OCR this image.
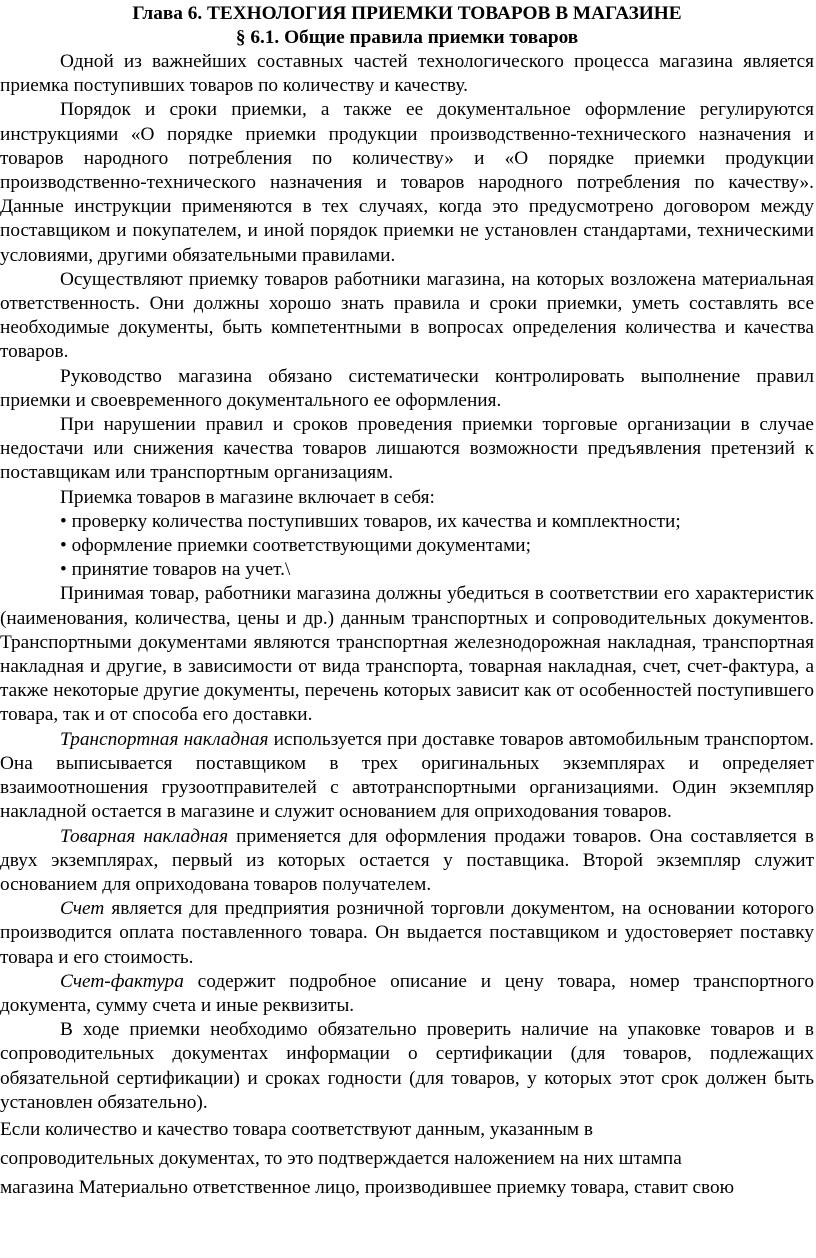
Глава 6. ТЕХНОЛОГИЯ ПРИЕМКИ ТОВАРОВ В МАГАЗИНЕ

§ 6.1. Общие правила приемки товаров

Одной из важнейших составных частей технологического процесса магазина является приемка поступивших товаров по количеству и качеству.

Порядок и сроки приемки, а также ее документальное оформление регулируются инструкциями «О порядке приемки продукции производственно-технического назначения и товаров народного потребления по количеству» и «О порядке приемки продукции производственно-технического назначения и товаров народного потребления по качеству». Данные инструкции применяются в тех случаях, когда это предусмотрено договором между поставщиком и покупателем, и иной порядок приемки не установлен стандартами, техническими условиями, другими обязательными правилами.

Осуществляют приемку товаров работники магазина, на которых возложена материальная ответственность. Они должны хорошо знать правила и сроки приемки, уметь составлять все необходимые документы, быть компетентными в вопросах определения количества и качества товаров.

Руководство магазина обязано систематически контролировать выполнение правил приемки и своевременного документального ее оформления.

При нарушении правил и сроков проведения приемки торговые организации в случае недостачи или снижения качества товаров лишаются возможности предъявления претензий к поставщикам или транспортным организациям.

Приемка товаров в магазине включает в себя:

• проверку количества поступивших товаров, их качества и комплектности;

• оформление приемки соответствующими документами;

• принятие товаров на учет.\

Принимая товар, работники магазина должны убедиться в соответствии его характеристик (наименования, количества, цены и др.) данным транспортных и сопроводительных документов. Транспортными документами являются транспортная железнодорожная накладная, транспортная накладная и другие, в зависимости от вида транспорта, товарная накладная, счет, счет-фактура, а также некоторые другие документы, перечень которых зависит как от особенностей поступившего товара, так и от способа его доставки.

Транспортная накладная используется при доставке товаров автомобильным транспортом. Она выписывается поставщиком в трех оригинальных экземплярах и определяет взаимоотношения грузоотправителей с автотранспортными организациями. Один экземпляр накладной остается в магазине и служит основанием для оприходования товаров.

Товарная накладная применяется для оформления продажи товаров. Она составляется в двух экземплярах, первый из которых остается у поставщика. Второй экземпляр служит основанием для оприходована товаров получателем.

Счет является для предприятия розничной торговли документом, на основании которого производится оплата поставленного товара. Он выдается поставщиком и удостоверяет поставку товара и его стоимость.

Счет-фактура содержит подробное описание и цену товара, номер транспортного документа, сумму счета и иные реквизиты.

В ходе приемки необходимо обязательно проверить наличие на упаковке товаров и в сопроводительных документах информации о сертификации (для товаров, подлежащих обязательной сертификации) и сроках годности (для товаров, у которых этот срок должен быть установлен обязательно).

Если количество и качество товара соответствуют данным, указанным в

сопроводительных документах, то это подтверждается наложением на них штампа

магазина Материально ответственное лицо, производившее приемку товара, ставит свою
